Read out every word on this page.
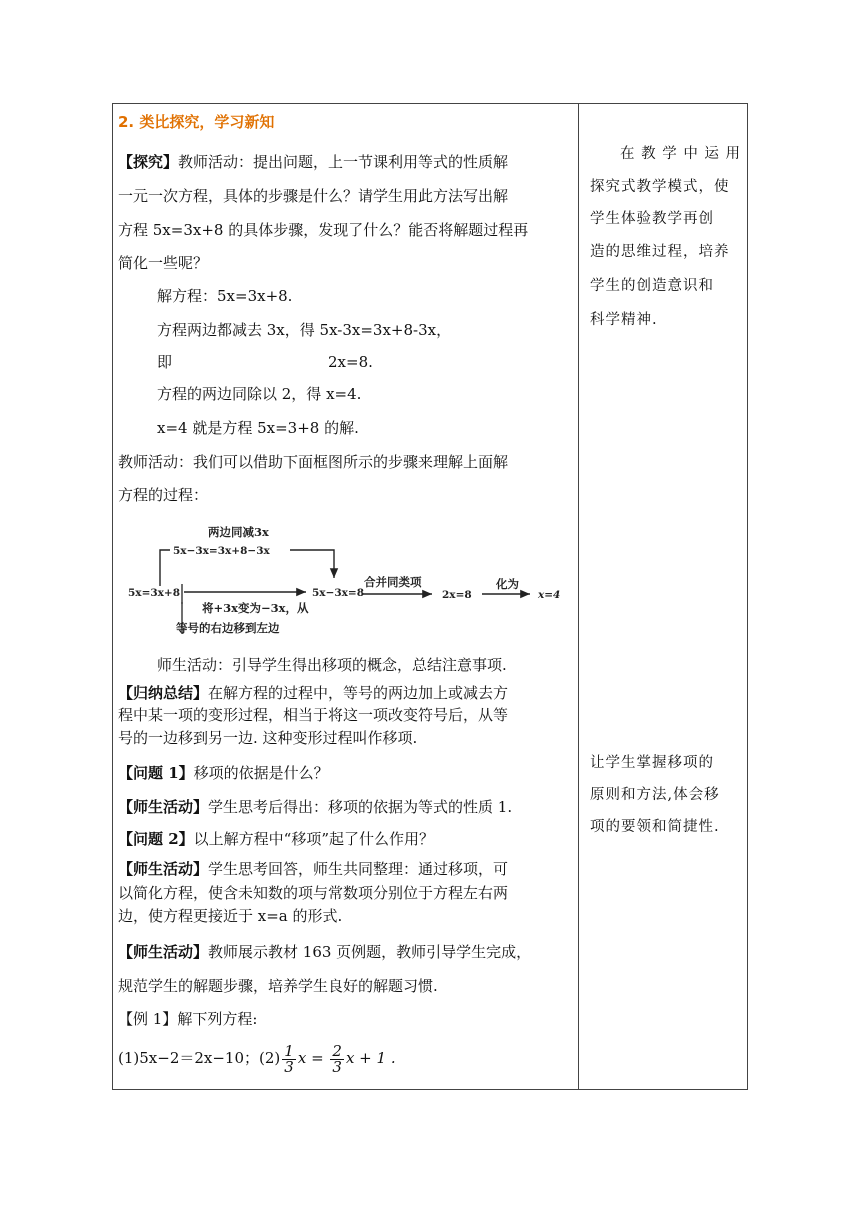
2. 类比探究，学习新知
【探究】教师活动：提出问题，上一节课利用等式的性质解
一元一次方程，具体的步骤是什么？请学生用此方法写出解
方程 5x=3x+8 的具体步骤，发现了什么？能否将解题过程再
简化一些呢？
解方程：5x=3x+8.
方程两边都减去 3x，得 5x-3x=3x+8-3x，
即	2x=8.
方程的两边同除以 2，得 x=4.
x=4 就是方程 5x=3+8 的解.
教师活动：我们可以借助下面框图所示的步骤来理解上面解
方程的过程：
两边同减3x
5x−3x=3x+8−3x
5x=3x+8
将+3x变为−3x，从
等号的右边移到左边
5x−3x=8
合并同类项
2x=8
化为
x=4
师生活动：引导学生得出移项的概念，总结注意事项.
【归纳总结】在解方程的过程中，等号的两边加上或减去方
程中某一项的变形过程，相当于将这一项改变符号后，从等
号的一边移到另一边. 这种变形过程叫作移项.
【问题 1】移项的依据是什么？
【师生活动】学生思考后得出：移项的依据为等式的性质 1.
【问题 2】以上解方程中“移项”起了什么作用？
【师生活动】学生思考回答，师生共同整理：通过移项，可
以简化方程，使含未知数的项与常数项分别位于方程左右两
边，使方程更接近于 x=a 的形式.
【师生活动】教师展示教材 163 页例题，教师引导学生完成，
规范学生的解题步骤，培养学生良好的解题习惯.
【例 1】解下列方程:
(1)5x−2＝2x−10；$(2) \frac{1}{3}$ $x = \frac{2}{3}$ x + 1 .
在 教 学 中 运 用
探究式教学模式，使
学生体验教学再创
造的思维过程，培养
学生的创造意识和
科学精神.
让学生掌握移项的
原则和方法,体会移
项的要领和简捷性.
